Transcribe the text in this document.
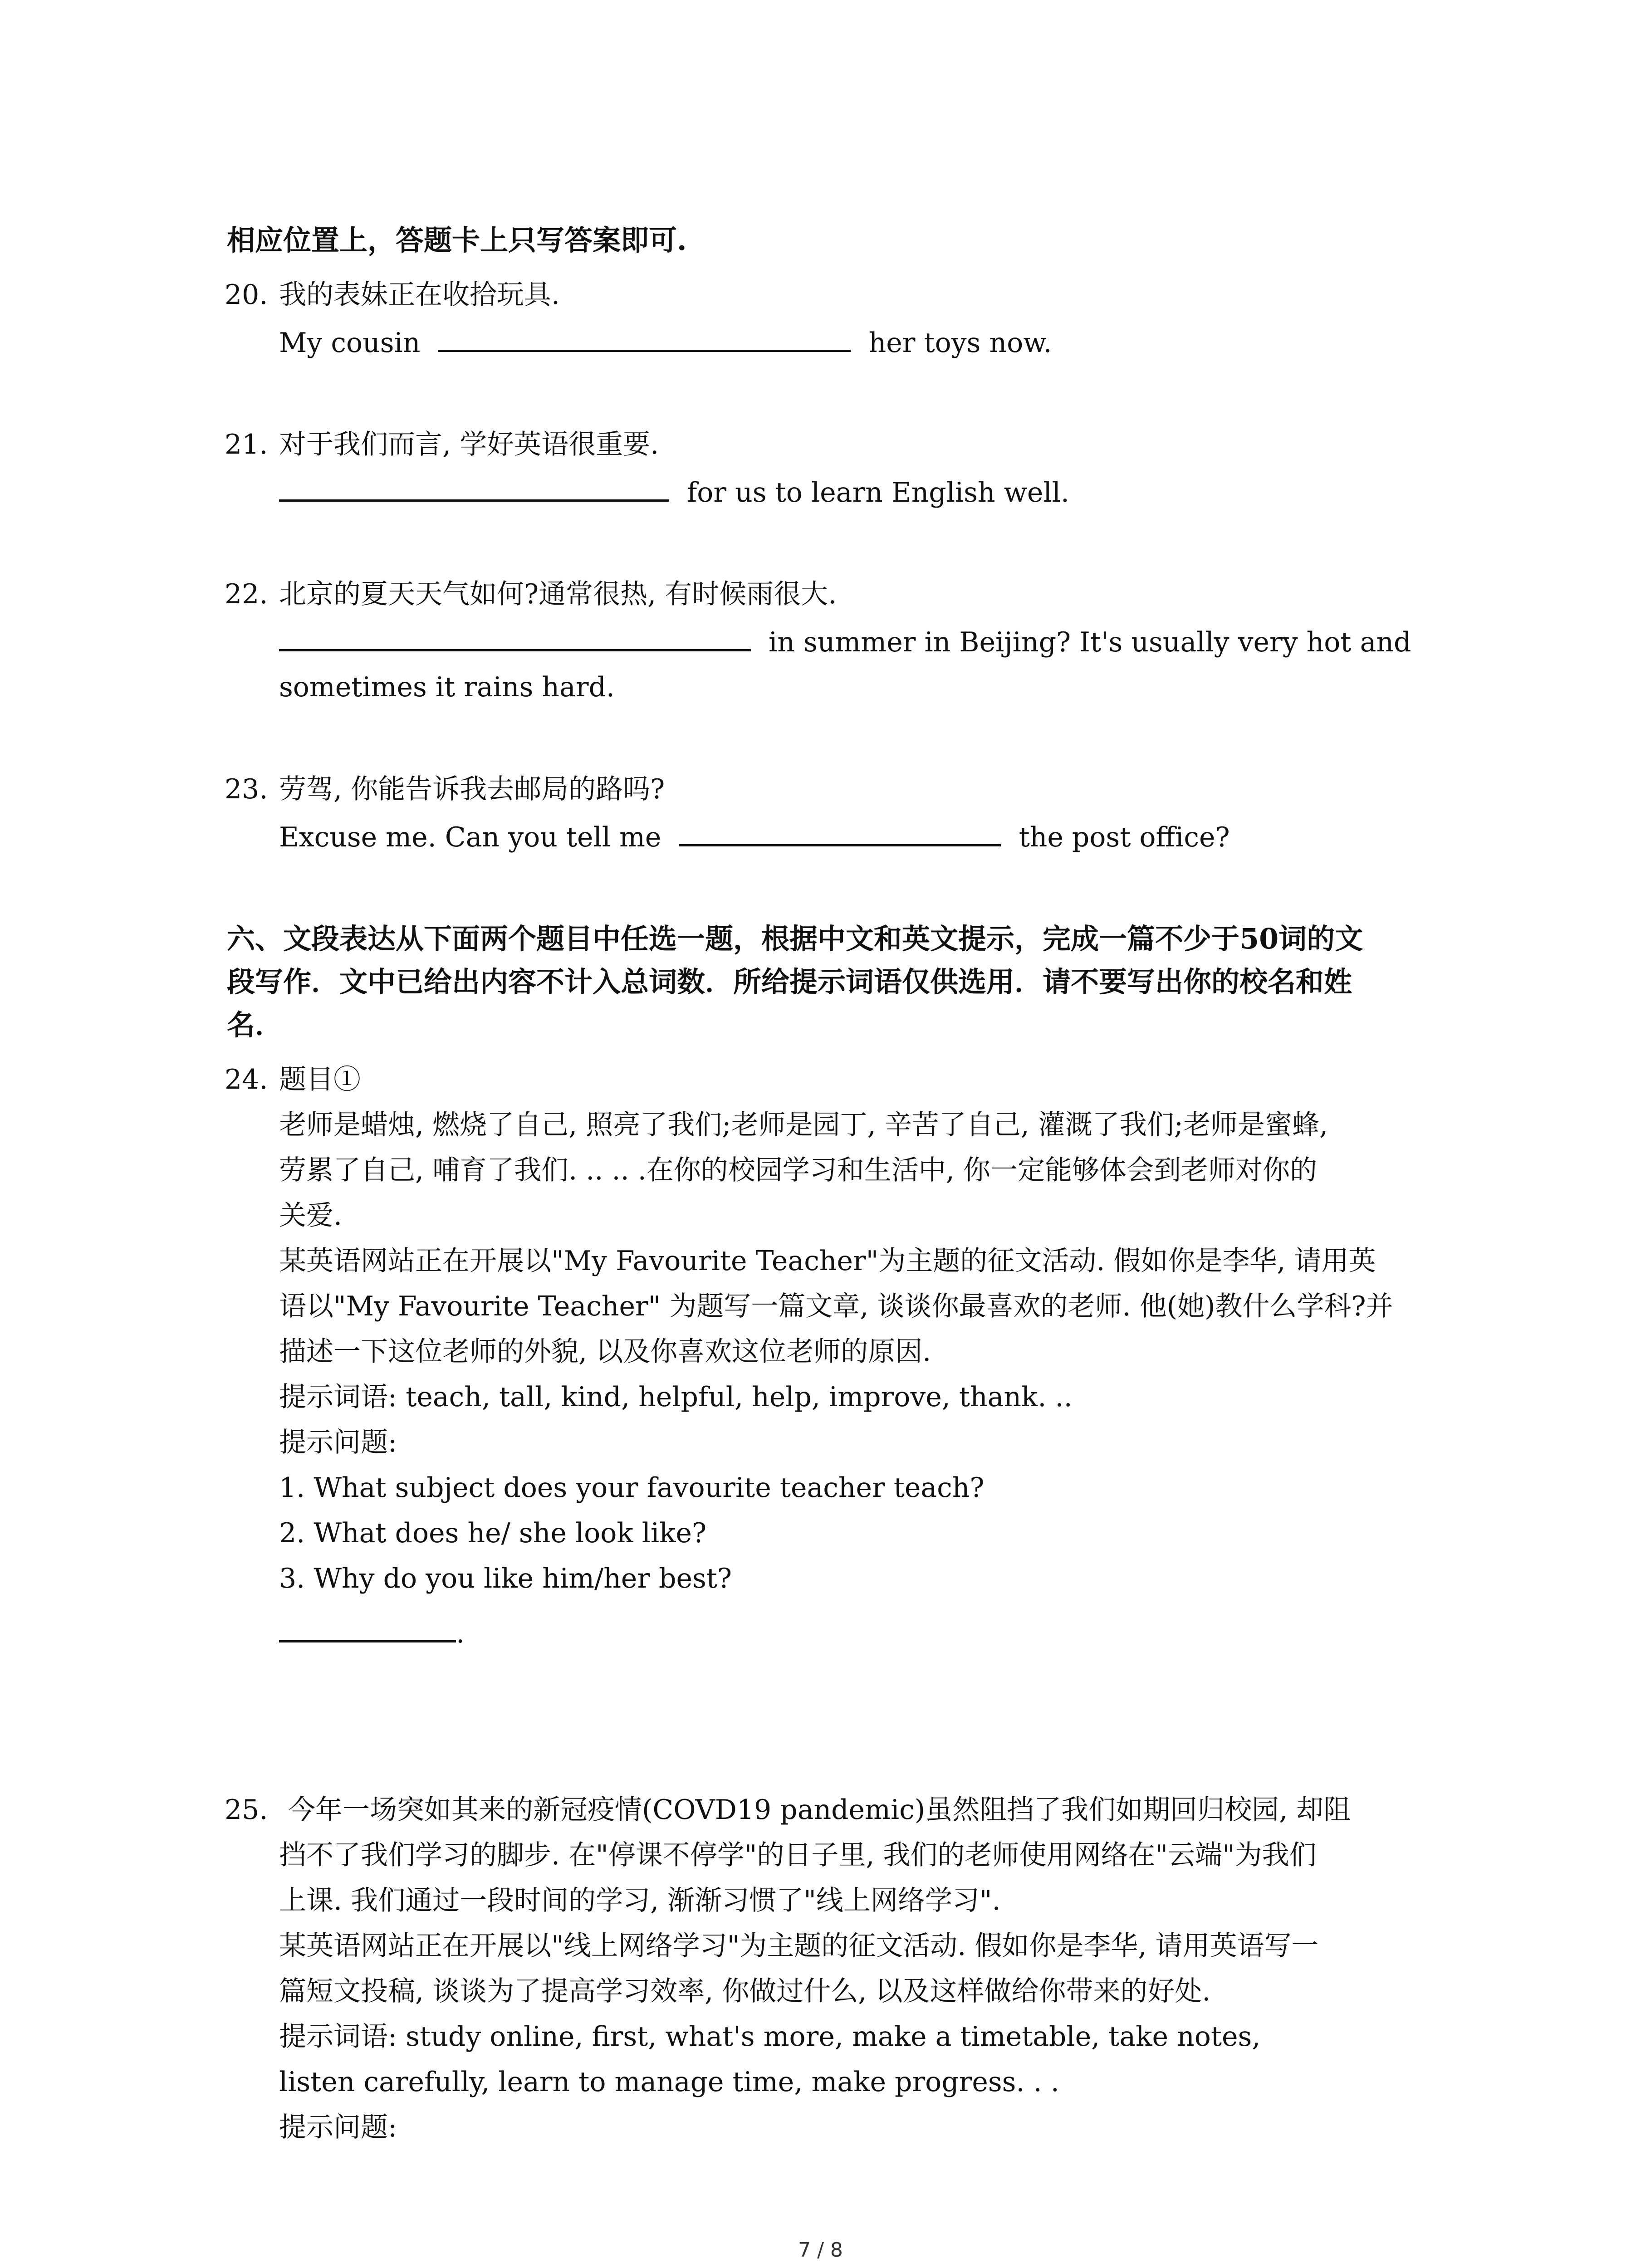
相应位置上，答题卡上只写答案即可.
20. 我的表妹正在收拾玩具.
My cousin	her toys now.
21. 对于我们而言, 学好英语很重要.
for us to learn English well.
22. 北京的夏天天气如何?通常很热, 有时候雨很大.
in summer in Beijing? It's usually very hot and
sometimes it rains hard.
23. 劳驾, 你能告诉我去邮局的路吗?
Excuse me. Can you tell me	the post office?
六、文段表达从下面两个题目中任选一题，根据中文和英文提示，完成一篇不少于50词的文
段写作．文中已给出内容不计入总词数．所给提示词语仅供选用．请不要写出你的校名和姓
名．
24. 题目①
老师是蜡烛, 燃烧了自己, 照亮了我们;老师是园丁, 辛苦了自己, 灌溉了我们;老师是蜜蜂,
劳累了自己, 哺育了我们. .. .. .在你的校园学习和生活中, 你一定能够体会到老师对你的
关爱.
某英语网站正在开展以"My Favourite Teacher"为主题的征文活动. 假如你是李华, 请用英
语以"My Favourite Teacher" 为题写一篇文章, 谈谈你最喜欢的老师. 他(她)教什么学科?并
描述一下这位老师的外貌, 以及你喜欢这位老师的原因.
提示词语: teach, tall, kind, helpful, help, improve, thank. ..
提示问题:
1. What subject does your favourite teacher teach?
2. What does he/ she look like?
3. Why do you like him/her best?
.
25. 今年一场突如其来的新冠疫情(COVD19 pandemic)虽然阻挡了我们如期回归校园, 却阻
挡不了我们学习的脚步. 在"停课不停学"的日子里, 我们的老师使用网络在"云端"为我们
上课. 我们通过一段时间的学习, 渐渐习惯了"线上网络学习".
某英语网站正在开展以"线上网络学习"为主题的征文活动. 假如你是李华, 请用英语写一
篇短文投稿, 谈谈为了提高学习效率, 你做过什么, 以及这样做给你带来的好处.
提示词语: study online, first, what's more, make a timetable, take notes,
listen carefully, learn to manage time, make progress. . .
提示问题:
7 / 8
